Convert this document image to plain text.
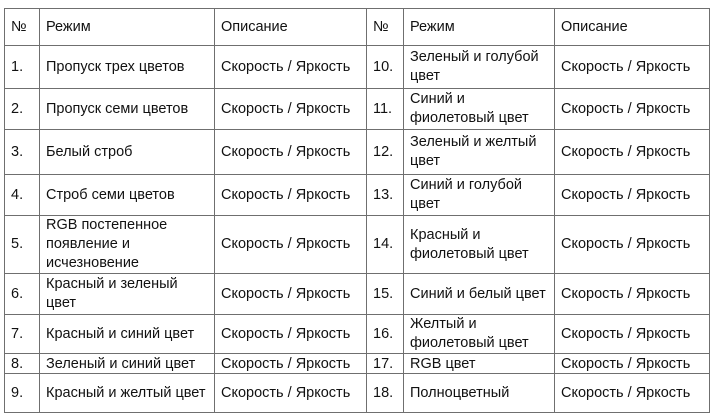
№	Режим	Описание	№	Режим	Описание
1.	Пропуск трех цветов	Скорость / Яркость	10.	Зеленый и голубой цвет	Скорость / Яркость
2.	Пропуск семи цветов	Скорость / Яркость	11.	Синий и фиолетовый цвет	Скорость / Яркость
3.	Белый строб	Скорость / Яркость	12.	Зеленый и желтый цвет	Скорость / Яркость
4.	Строб семи цветов	Скорость / Яркость	13.	Синий и голубой цвет	Скорость / Яркость
5.	RGB постепенное появление и исчезновение	Скорость / Яркость	14.	Красный и фиолетовый цвет	Скорость / Яркость
6.	Красный и зеленый цвет	Скорость / Яркость	15.	Синий и белый цвет	Скорость / Яркость
7.	Красный и синий цвет	Скорость / Яркость	16.	Желтый и фиолетовый цвет	Скорость / Яркость
8.	Зеленый и синий цвет	Скорость / Яркость	17.	RGB цвет	Скорость / Яркость
9.	Красный и желтый цвет	Скорость / Яркость	18.	Полноцветный	Скорость / Яркость
